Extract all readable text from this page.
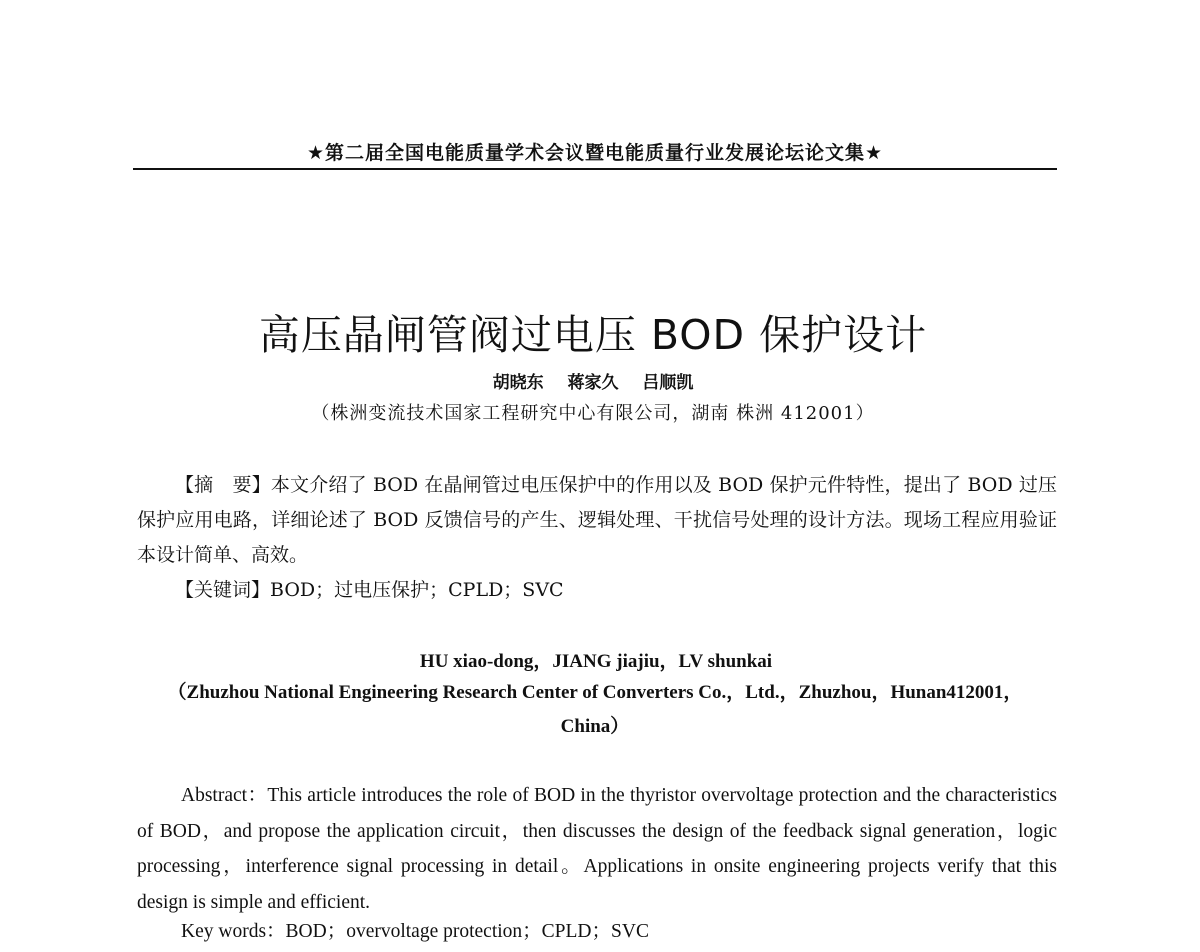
★第二届全国电能质量学术会议暨电能质量行业发展论坛论文集★
高压晶闸管阀过电压 BOD 保护设计
胡晓东 蒋家久 吕顺凯
（株洲变流技术国家工程研究中心有限公司，湖南 株洲 412001）
【摘　要】本文介绍了 BOD 在晶闸管过电压保护中的作用以及 BOD 保护元件特性，提出了 BOD 过压保护应用电路，详细论述了 BOD 反馈信号的产生、逻辑处理、干扰信号处理的设计方法。现场工程应用验证本设计简单、高效。
【关键词】BOD；过电压保护；CPLD；SVC
HU xiao-dong，JIANG jiajiu，LV shunkai
（Zhuzhou National Engineering Research Center of Converters Co.，Ltd.，Zhuzhou，Hunan412001，China）
Abstract：This article introduces the role of BOD in the thyristor overvoltage protection and the characteristics of BOD，and propose the application circuit，then discusses the design of the feedback signal generation，logic processing，interference signal processing in detail。Applications in onsite engineering projects verify that this design is simple and efficient.
Key words：BOD；overvoltage protection；CPLD；SVC
